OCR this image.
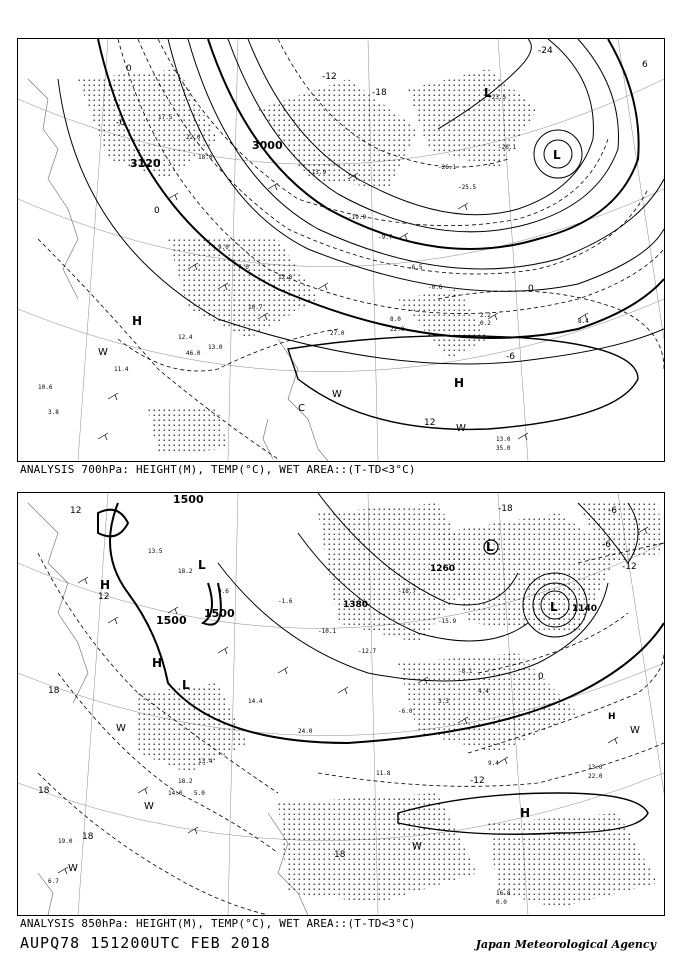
17.5
22.0
18.0
-13.9
-19.9
-9.7
-6.5
-0.6
9.0
7.0
12.0
10.7
-26.1
-25.5
-26.1
-23.5
12.4
13.0
10.6
3.8
3000
3120
0
-6
-12
-18
-24
0
-6
12
6
0
H
L
L
H
W
W
W
C
22.0
27.0
8.0
2.2
8.4
13.0
35.0
0.2
11.4
46.0
ANALYSIS 700hPa: HEIGHT(M), TEMP(°C), WET AREA::(T-TD<3°C)
13.5
18.2
0.6
-1.6
-10.1
-12.7
-18.7
-15.9
-8.1
-6.0
24.0
14.4
13.4
18.2
19.0
6.7
3.3
4.4
1500
1500
1500
1380
1260
1140
12
12
18
18
18
18
-12
-6
0
-6
-12
-18
L
L
L
H
H
H
H
L
W
W
W
W
W
11.8
14.0 5.0
16.8
0.0
13.0
22.0
9.4
ANALYSIS 850hPa: HEIGHT(M), TEMP(°C), WET AREA::(T-TD<3°C)
AUPQ78 151200UTC FEB 2018	Japan Meteorological Agency
